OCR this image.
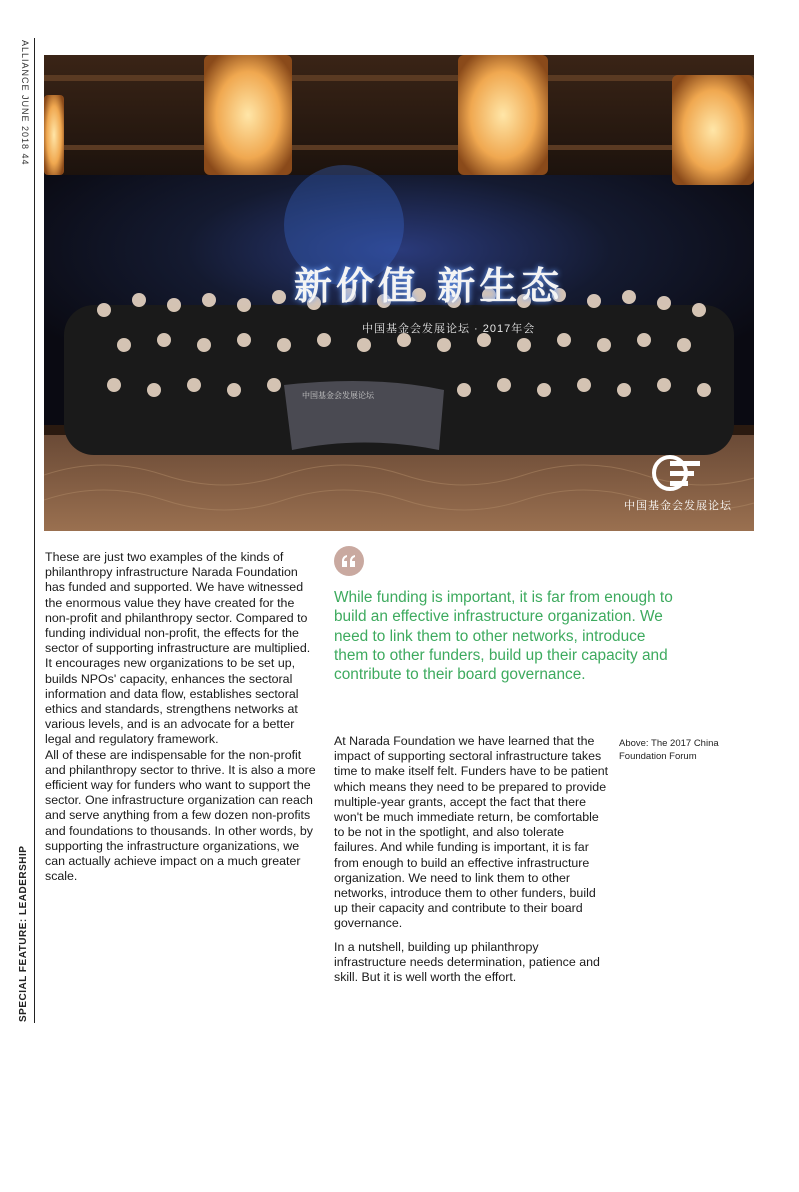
ALLIANCE JUNE 2018 44
SPECIAL FEATURE: LEADERSHIP
新价值 新生态
中国基金会发展论坛 · 2017年会
中国基金会发展论坛
中国基金会发展论坛

These are just two examples of the kinds of philanthropy infrastructure Narada Foundation has funded and supported. We have witnessed the enormous value they have created for the non-profit and philanthropy sector. Compared to funding individual non-profit, the effects for the sector of supporting infrastructure are multiplied. It encourages new organizations to be set up, builds NPOs' capacity, enhances the sectoral information and data flow, establishes sectoral ethics and standards, strengthens networks at various levels, and is an advocate for a better legal and regulatory framework.

All of these are indispensable for the non-profit and philanthropy sector to thrive. It is also a more efficient way for funders who want to support the sector. One infrastructure organization can reach and serve anything from a few dozen non-profits and foundations to thousands. In other words, by supporting the infrastructure organizations, we can actually achieve impact on a much greater scale.

While funding is important, it is far from enough to build an effective infrastructure organization. We need to link them to other networks, introduce them to other funders, build up their capacity and contribute to their board governance.

At Narada Foundation we have learned that the impact of supporting sectoral infrastructure takes time to make itself felt. Funders have to be patient which means they need to be prepared to provide multiple-year grants, accept the fact that there won't be much immediate return, be comfortable to be not in the spotlight, and also tolerate failures. And while funding is important, it is far from enough to build an effective infrastructure organization. We need to link them to other networks, introduce them to other funders, build up their capacity and contribute to their board governance.

In a nutshell, building up philanthropy infrastructure needs determination, patience and skill. But it is well worth the effort.

Above: The 2017 China Foundation Forum
